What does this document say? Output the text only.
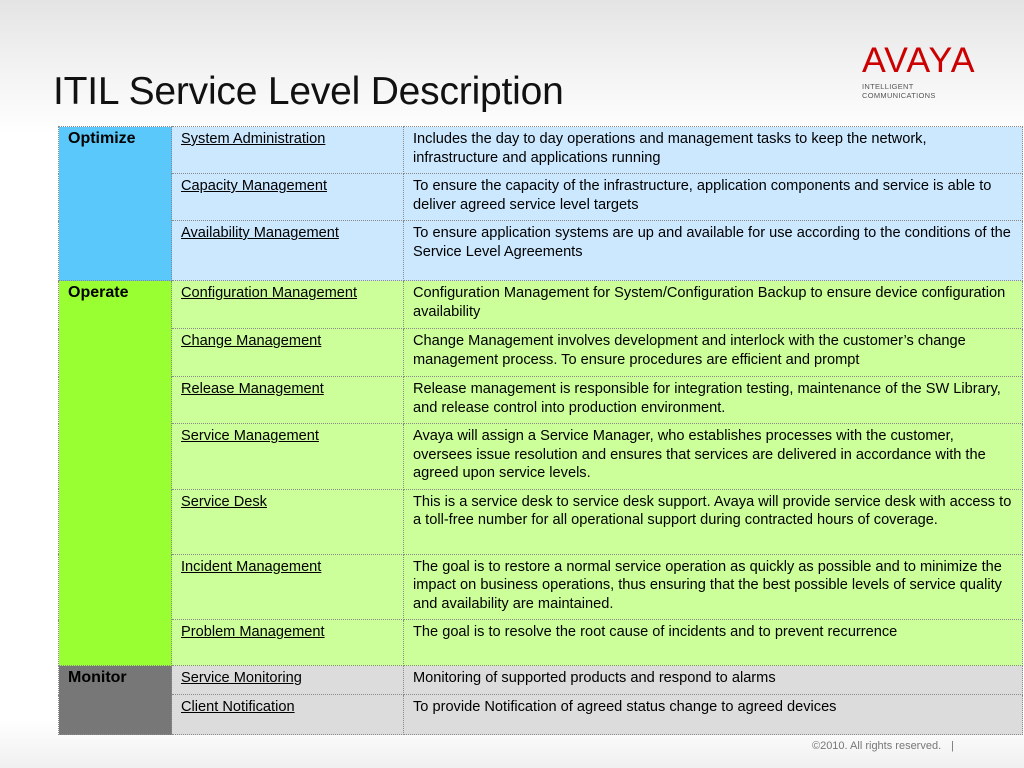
ITIL Service Level Description
AVAYA
INTELLIGENT COMMUNICATIONS
Optimize	System Administration	Includes the day to day operations and management tasks to keep the network, infrastructure and applications running
	Capacity Management	To ensure the capacity of the infrastructure, application components and service is able to deliver agreed service level targets
	Availability Management	To ensure application systems are up and available for use according to the conditions of the Service Level Agreements
Operate	Configuration Management	Configuration Management for System/Configuration Backup to ensure device configuration availability
	Change Management	Change Management involves development and interlock with the customer’s change management process. To ensure procedures are efficient and prompt
	Release Management	Release management is responsible for integration testing, maintenance of the SW Library, and release control into production environment.
	Service Management	Avaya will assign a Service Manager, who establishes processes with the customer, oversees issue resolution and ensures that services are delivered in accordance with the agreed upon service levels.
	Service Desk	This is a service desk to service desk support. Avaya will provide service desk with access to a toll-free number for all operational support during contracted hours of coverage.
	Incident Management	The goal is to restore a normal service operation as quickly as possible and to minimize the impact on business operations, thus ensuring that the best possible levels of service quality and availability are maintained.
	Problem Management	The goal is to resolve the root cause of incidents and to prevent recurrence
Monitor	Service Monitoring	Monitoring of supported products and respond to alarms
	Client Notification	To provide Notification of agreed status change to agreed devices
©2010. All rights reserved. |
